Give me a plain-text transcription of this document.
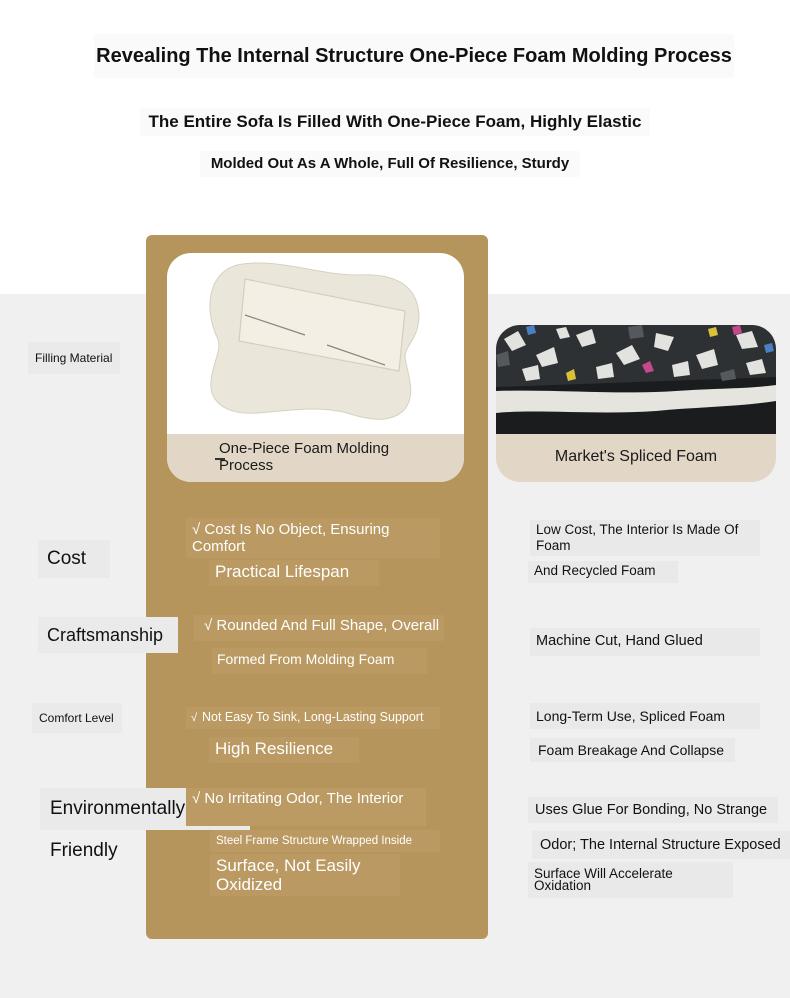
Revealing The Internal Structure One-Piece Foam Molding Process
The Entire Sofa Is Filled With One-Piece Foam, Highly Elastic
Molded Out As A Whole, Full Of Resilience, Sturdy
One-Piece Foam Molding Process
Market's Spliced Foam
Filling Material
Cost
Craftsmanship
Comfort Level
Environmentally Friendly
√ Cost Is No Object, Ensuring Comfort
Practical Lifespan
√ Rounded And Full Shape, Overall
Formed From Molding Foam
Not Easy To Sink, Long-Lasting Support
√
High Resilience
√ No Irritating Odor, The Interior
Steel Frame Structure Wrapped Inside
Surface, Not Easily Oxidized
Low Cost, The Interior Is Made Of Foam
And Recycled Foam
Machine Cut, Hand Glued
Long-Term Use, Spliced Foam
Foam Breakage And Collapse
Uses Glue For Bonding, No Strange
Odor; The Internal Structure Exposed
Surface Will Accelerate Oxidation
